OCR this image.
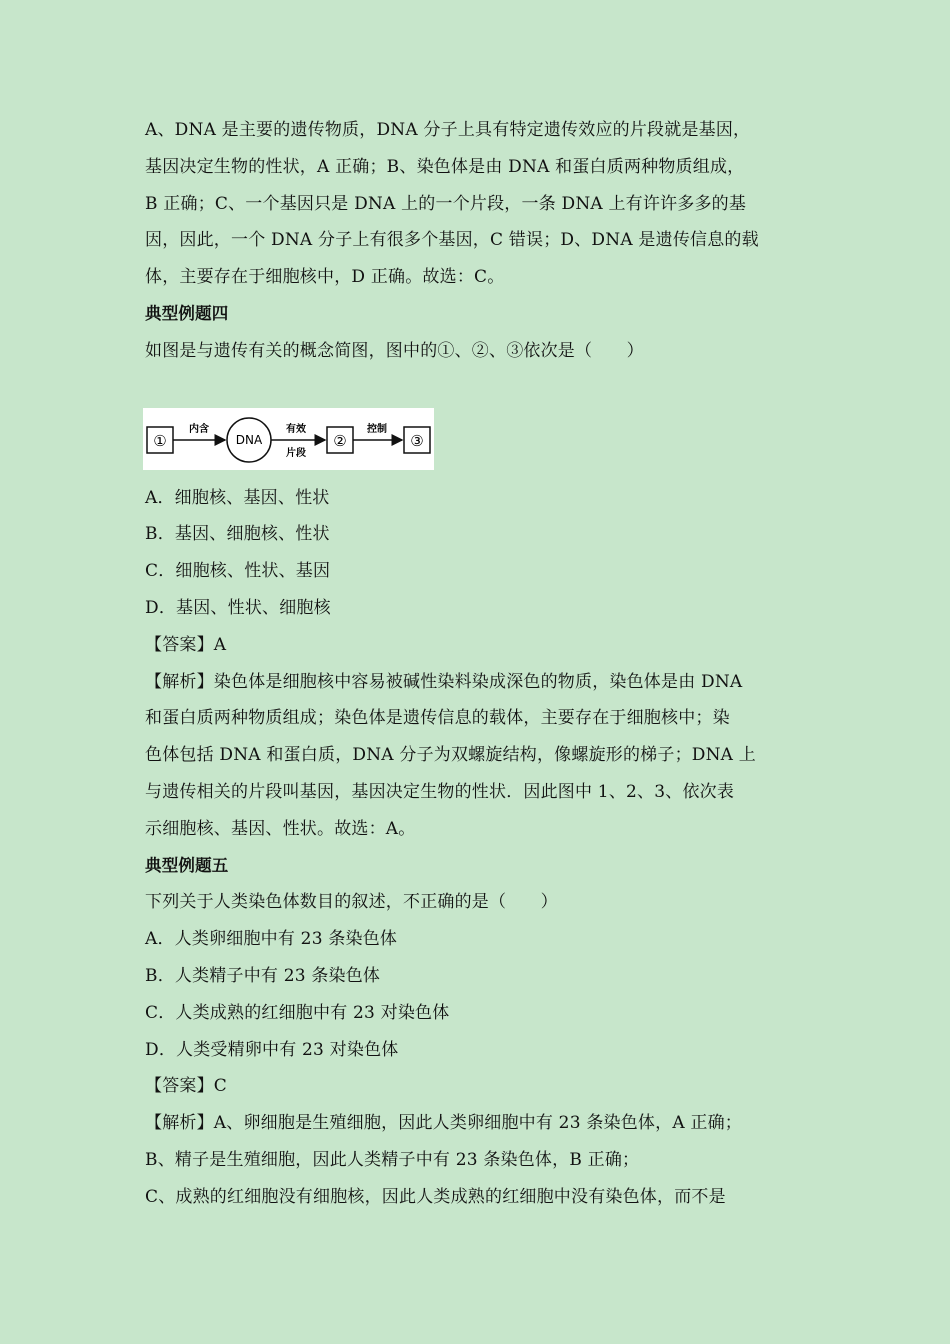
A、DNA 是主要的遗传物质，DNA 分子上具有特定遗传效应的片段就是基因，
基因决定生物的性状，A 正确；B、染色体是由 DNA 和蛋白质两种物质组成，
B 正确；C、一个基因只是 DNA 上的一个片段，一条 DNA 上有许许多多的基
因，因此，一个 DNA 分子上有很多个基因，C 错误；D、DNA 是遗传信息的载
体，主要存在于细胞核中，D 正确。故选：C。
典型例题四
如图是与遗传有关的概念简图，图中的①、②、③依次是（　　）
①
内含
DNA
有效
片段
②
控制
③
A．细胞核、基因、性状
B．基因、细胞核、性状
C．细胞核、性状、基因
D．基因、性状、细胞核
【答案】A
【解析】染色体是细胞核中容易被碱性染料染成深色的物质，染色体是由 DNA
和蛋白质两种物质组成；染色体是遗传信息的载体，主要存在于细胞核中；染
色体包括 DNA 和蛋白质，DNA 分子为双螺旋结构，像螺旋形的梯子；DNA 上
与遗传相关的片段叫基因，基因决定生物的性状．因此图中 1、2、3、依次表
示细胞核、基因、性状。故选：A。
典型例题五
下列关于人类染色体数目的叙述，不正确的是（　　）
A．人类卵细胞中有 23 条染色体
B．人类精子中有 23 条染色体
C．人类成熟的红细胞中有 23 对染色体
D．人类受精卵中有 23 对染色体
【答案】C
【解析】A、卵细胞是生殖细胞，因此人类卵细胞中有 23 条染色体，A 正确；
B、精子是生殖细胞，因此人类精子中有 23 条染色体，B 正确；
C、成熟的红细胞没有细胞核，因此人类成熟的红细胞中没有染色体，而不是
